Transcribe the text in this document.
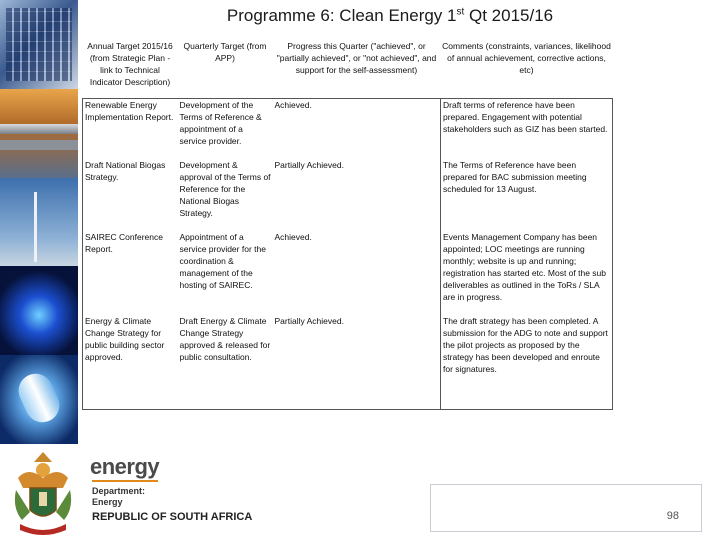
Programme 6: Clean Energy 1st Qt 2015/16
Annual Target 2015/16 (from Strategic Plan - link to Technical Indicator Description)	Quarterly Target (from APP)	Progress this Quarter ("achieved", or "partially achieved", or "not achieved", and support for the self-assessment)	Comments (constraints, variances, likelihood of annual achievement, corrective actions, etc)
Renewable Energy Implementation Report.	Development of the Terms of Reference & appointment of a service provider.	Achieved.	Draft terms of reference have been prepared. Engagement with potential stakeholders such as GIZ has been started.
Draft National Biogas Strategy.	Development & approval of the Terms of Reference for the National Biogas Strategy.	Partially Achieved.	The Terms of Reference have been prepared for BAC submission meeting scheduled for 13 August.
SAIREC Conference Report.	Appointment of a service provider for the coordination & management of the hosting of SAIREC.	Achieved.	Events Management Company has been appointed; LOC meetings are running monthly; website is up and running; registration has started etc. Most of the sub deliverables as outlined in the ToRs / SLA are in progress.
Energy & Climate Change Strategy for public building sector approved.	Draft Energy & Climate Change Strategy approved & released for public consultation.	Partially Achieved.	The draft strategy has been completed. A submission for the ADG to note and support the pilot projects as proposed by the strategy has been developed and enroute for signatures.
energy
Department:
Energy
REPUBLIC OF SOUTH AFRICA	98
